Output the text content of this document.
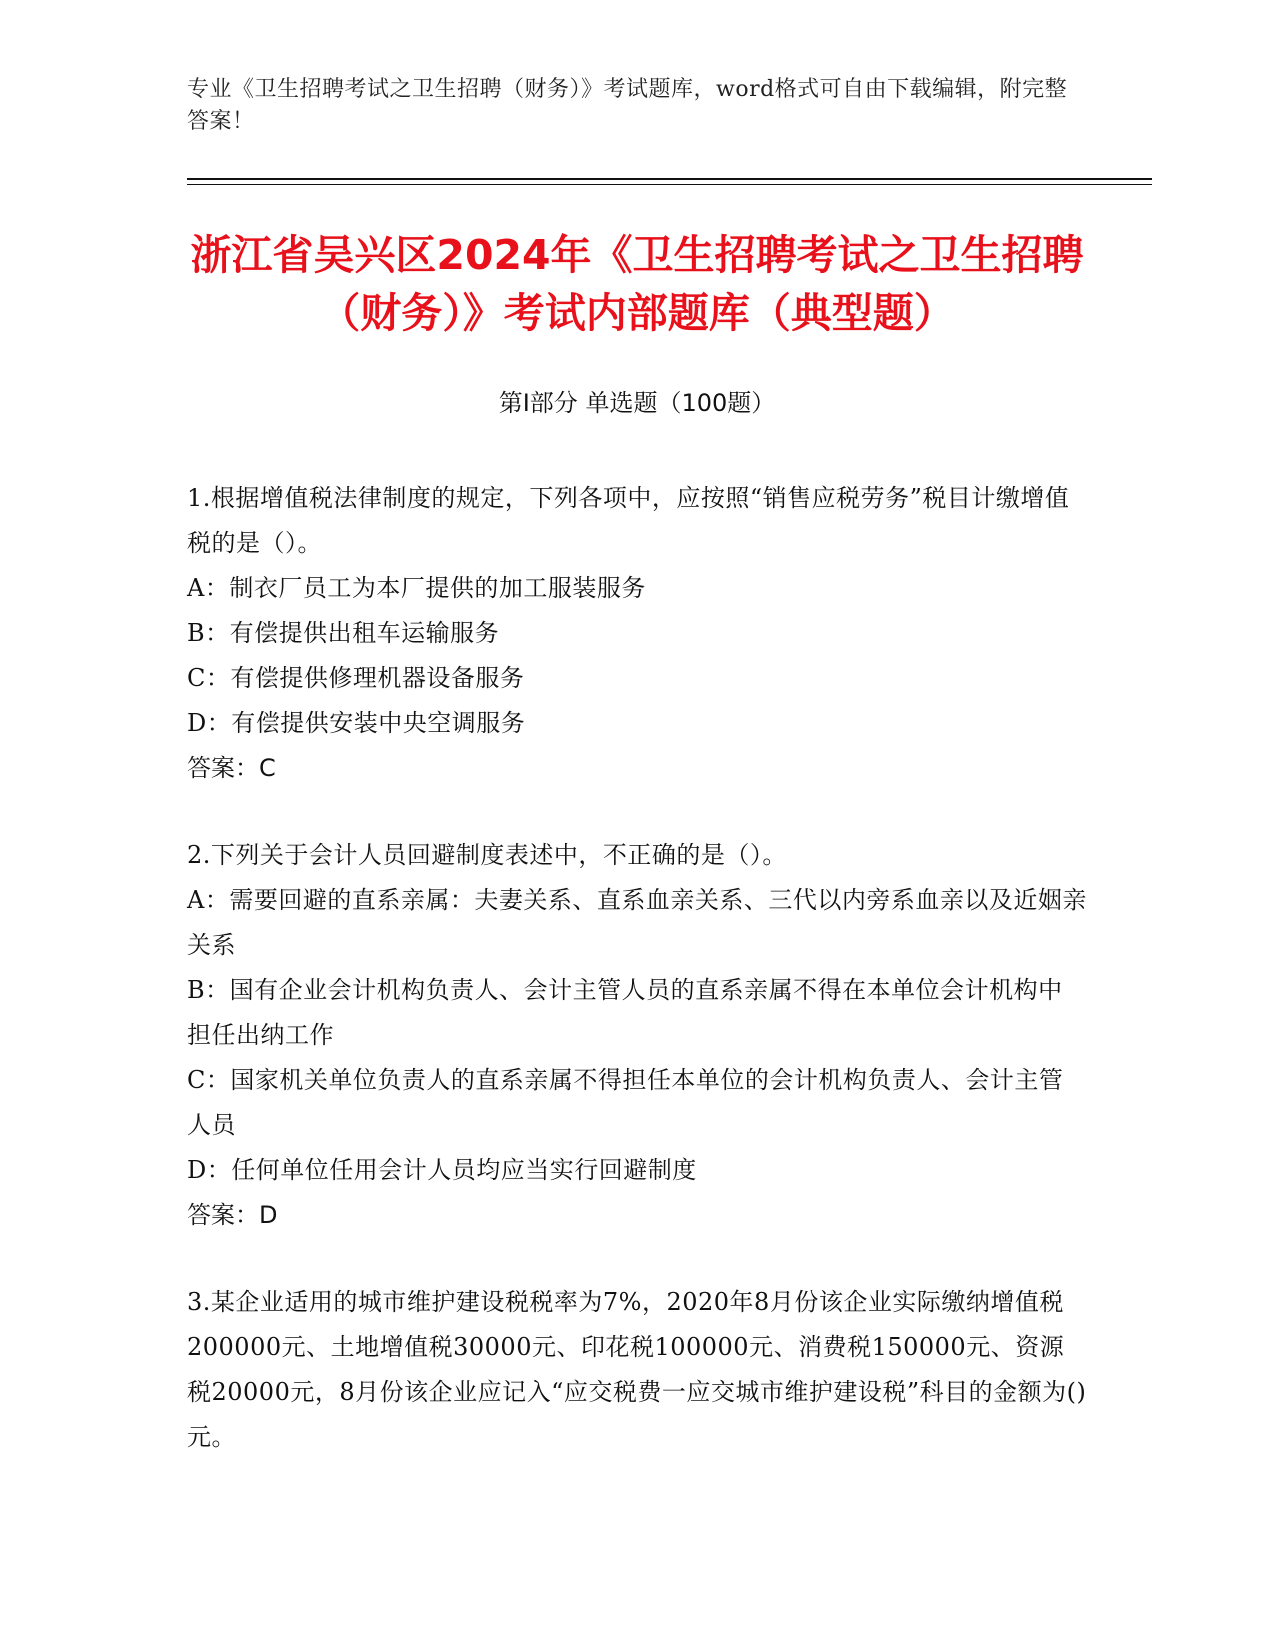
专业《卫生招聘考试之卫生招聘（财务）》考试题库，word格式可自由下载编辑，附完整答案！
浙江省吴兴区2024年《卫生招聘考试之卫生招聘（财务）》考试内部题库（典型题）
第Ⅰ部分 单选题（100题）
1.根据增值税法律制度的规定，下列各项中，应按照“销售应税劳务”税目计缴增值税的是（）。
A：制衣厂员工为本厂提供的加工服装服务
B：有偿提供出租车运输服务
C：有偿提供修理机器设备服务
D：有偿提供安装中央空调服务
答案：C
2.下列关于会计人员回避制度表述中，不正确的是（）。
A：需要回避的直系亲属：夫妻关系、直系血亲关系、三代以内旁系血亲以及近姻亲关系
B：国有企业会计机构负责人、会计主管人员的直系亲属不得在本单位会计机构中担任出纳工作
C：国家机关单位负责人的直系亲属不得担任本单位的会计机构负责人、会计主管人员
D：任何单位任用会计人员均应当实行回避制度
答案：D
3.某企业适用的城市维护建设税税率为7%，2020年8月份该企业实际缴纳增值税200000元、土地增值税30000元、印花税100000元、消费税150000元、资源税20000元，8月份该企业应记入“应交税费一应交城市维护建设税”科目的金额为()元。
